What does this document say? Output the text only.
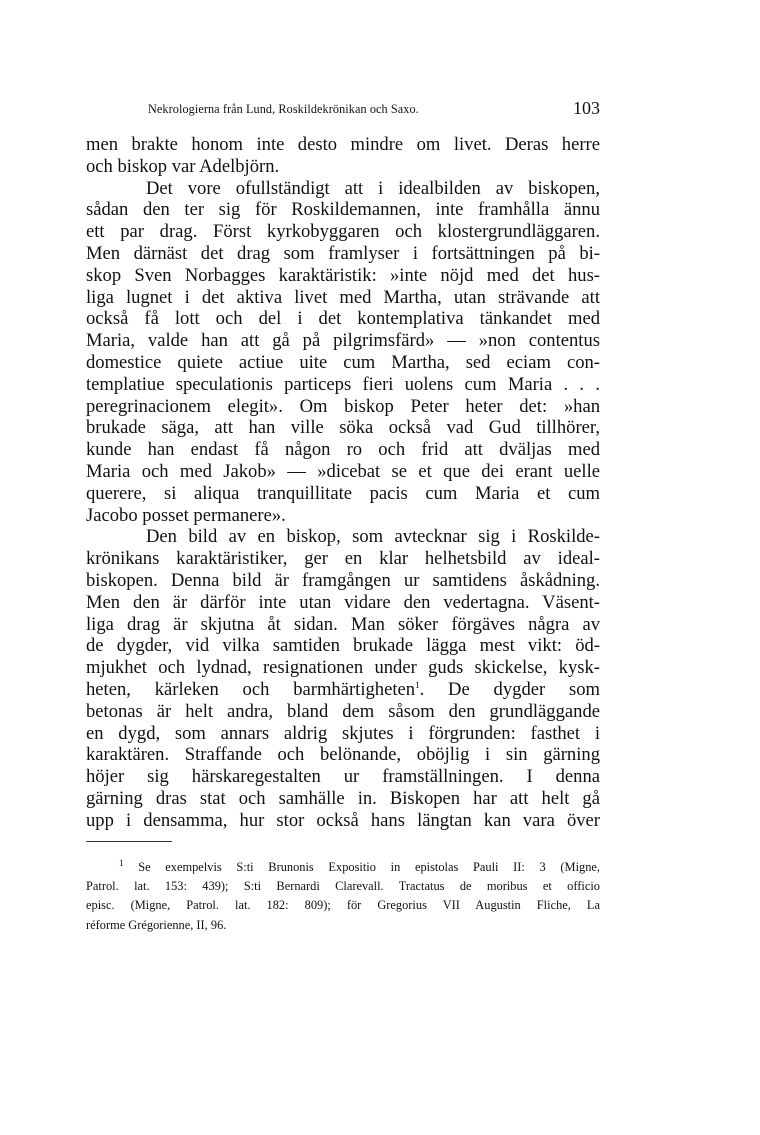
Nekrologierna från Lund, Roskildekrönikan och Saxo.	103
men brakte honom inte desto mindre om livet. Deras herre
och biskop var Adelbjörn.
Det vore ofullständigt att i idealbilden av biskopen,
sådan den ter sig för Roskildemannen, inte framhålla ännu
ett par drag. Först kyrkobyggaren och klostergrundläggaren.
Men därnäst det drag som framlyser i fortsättningen på bi-
skop Sven Norbagges karaktäristik: »inte nöjd med det hus-
liga lugnet i det aktiva livet med Martha, utan strävande att
också få lott och del i det kontemplativa tänkandet med
Maria, valde han att gå på pilgrimsfärd» — »non contentus
domestice quiete actiue uite cum Martha, sed eciam con-
templatiue speculationis particeps fieri uolens cum Maria . . .
peregrinacionem elegit». Om biskop Peter heter det: »han
brukade säga, att han ville söka också vad Gud tillhörer,
kunde han endast få någon ro och frid att dväljas med
Maria och med Jakob» — »dicebat se et que dei erant uelle
querere, si aliqua tranquillitate pacis cum Maria et cum
Jacobo posset permanere».
Den bild av en biskop, som avtecknar sig i Roskilde-
krönikans karaktäristiker, ger en klar helhetsbild av ideal-
biskopen. Denna bild är framgången ur samtidens åskådning.
Men den är därför inte utan vidare den vedertagna. Väsent-
liga drag är skjutna åt sidan. Man söker förgäves några av
de dygder, vid vilka samtiden brukade lägga mest vikt: öd-
mjukhet och lydnad, resignationen under guds skickelse, kysk-
heten, kärleken och barmhärtigheten$^1$. De dygder som
betonas är helt andra, bland dem såsom den grundläggande
en dygd, som annars aldrig skjutes i förgrunden: fasthet i
karaktären. Straffande och belönande, oböjlig i sin gärning
höjer sig härskaregestalten ur framställningen. I denna
gärning dras stat och samhälle in. Biskopen har att helt gå
upp i densamma, hur stor också hans längtan kan vara över
$^1$ Se exempelvis S:ti Brunonis Expositio in epistolas Pauli II: 3 (Migne,
Patrol. lat. 153: 439); S:ti Bernardi Clarevall. Tractatus de moribus et officio
episc. (Migne, Patrol. lat. 182: 809); för Gregorius VII Augustin Fliche, La
réforme Grégorienne, II, 96.
